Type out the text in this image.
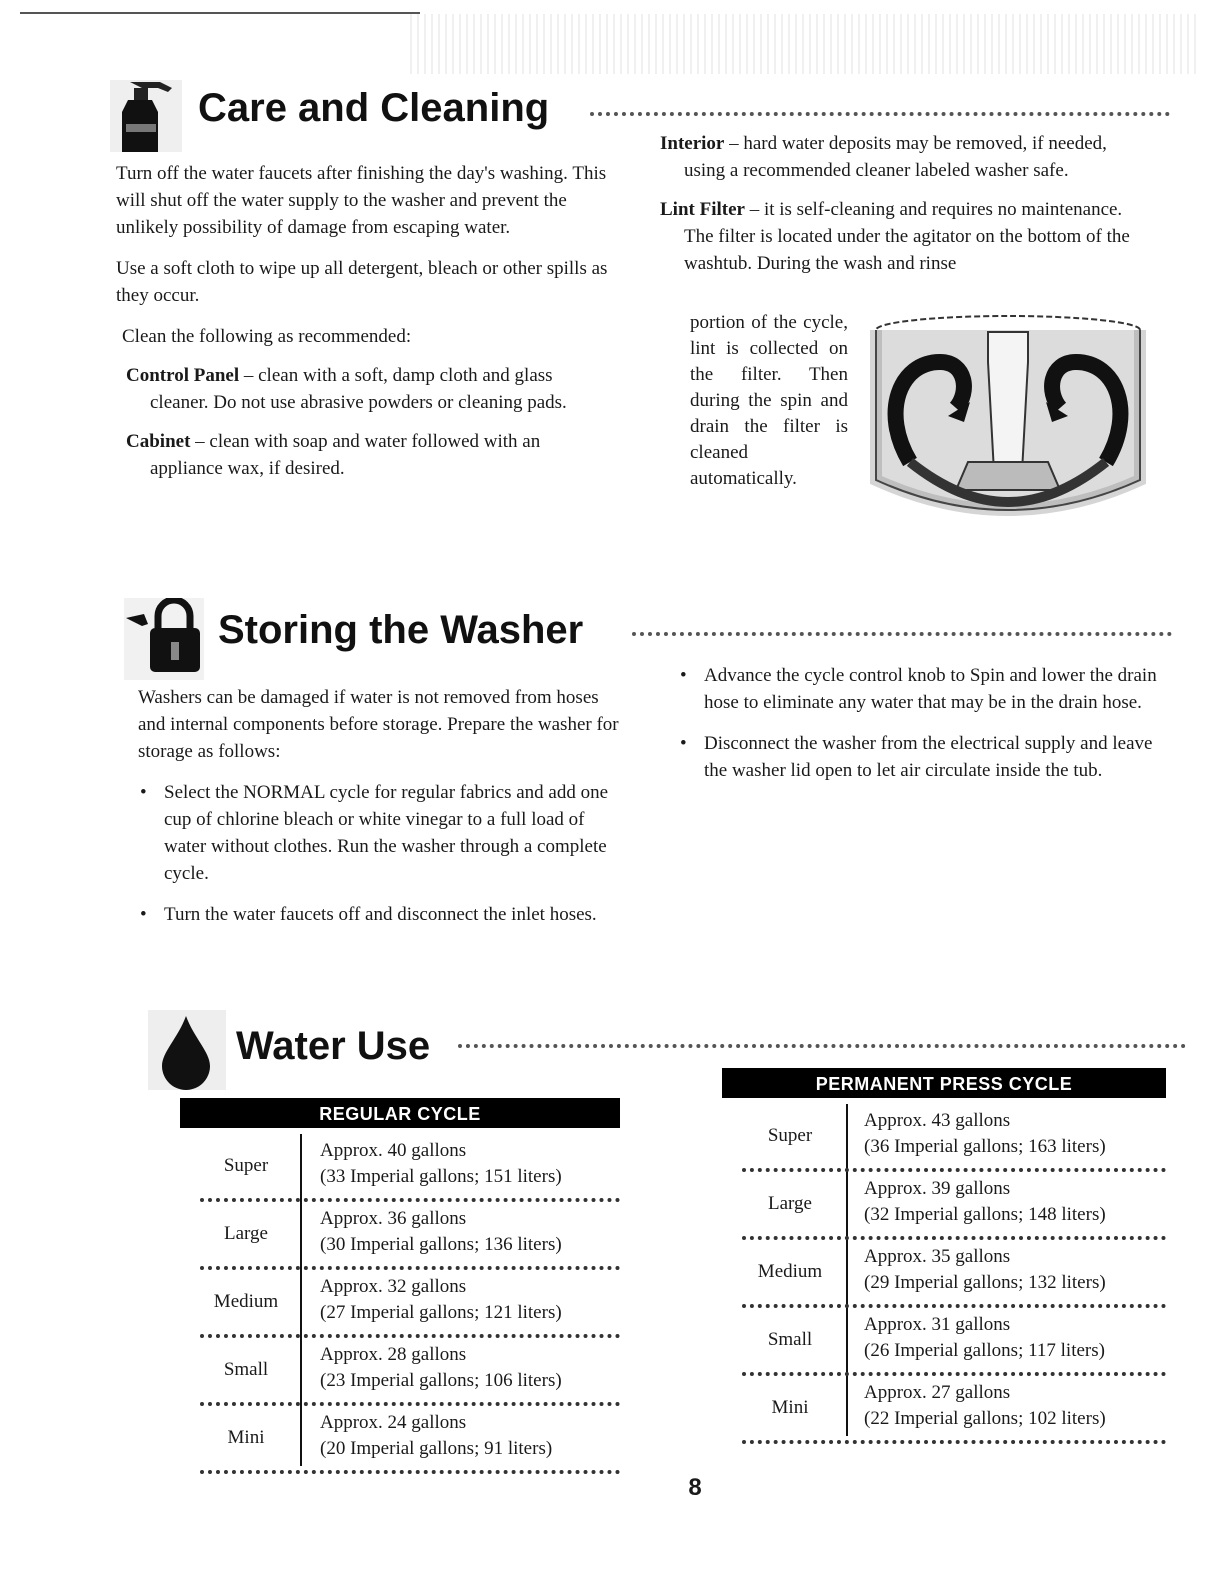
Care and Cleaning

Turn off the water faucets after finishing the day's washing. This will shut off the water supply to the washer and prevent the unlikely possibility of damage from escaping water.

Use a soft cloth to wipe up all detergent, bleach or other spills as they occur.

Clean the following as recommended:

Control Panel – clean with a soft, damp cloth and glass cleaner. Do not use abrasive powders or cleaning pads.

Cabinet – clean with soap and water followed with an appliance wax, if desired.

Interior – hard water deposits may be removed, if needed, using a recommended cleaner labeled washer safe.

Lint Filter – it is self-cleaning and requires no maintenance. The filter is located under the agitator on the bottom of the washtub. During the wash and rinse

portion of the cycle, lint is collected on the filter. Then during the spin and drain the filter is cleaned automatically.

Storing the Washer

Washers can be damaged if water is not removed from hoses and internal components before storage. Prepare the washer for storage as follows:

• Select the NORMAL cycle for regular fabrics and add one cup of chlorine bleach or white vinegar to a full load of water without clothes. Run the washer through a complete cycle.

• Turn the water faucets off and disconnect the inlet hoses.

• Advance the cycle control knob to Spin and lower the drain hose to eliminate any water that may be in the drain hose.

• Disconnect the washer from the electrical supply and leave the washer lid open to let air circulate inside the tub.

Water Use
REGULAR CYCLE
Super
Approx. 40 gallons
(33 Imperial gallons; 151 liters)
Large
Approx. 36 gallons
(30 Imperial gallons; 136 liters)
Medium
Approx. 32 gallons
(27 Imperial gallons; 121 liters)
Small
Approx. 28 gallons
(23 Imperial gallons; 106 liters)
Mini
Approx. 24 gallons
(20 Imperial gallons; 91 liters)
PERMANENT PRESS CYCLE
Super
Approx. 43 gallons
(36 Imperial gallons; 163 liters)
Large
Approx. 39 gallons
(32 Imperial gallons; 148 liters)
Medium
Approx. 35 gallons
(29 Imperial gallons; 132 liters)
Small
Approx. 31 gallons
(26 Imperial gallons; 117 liters)
Mini
Approx. 27 gallons
(22 Imperial gallons; 102 liters)
8
